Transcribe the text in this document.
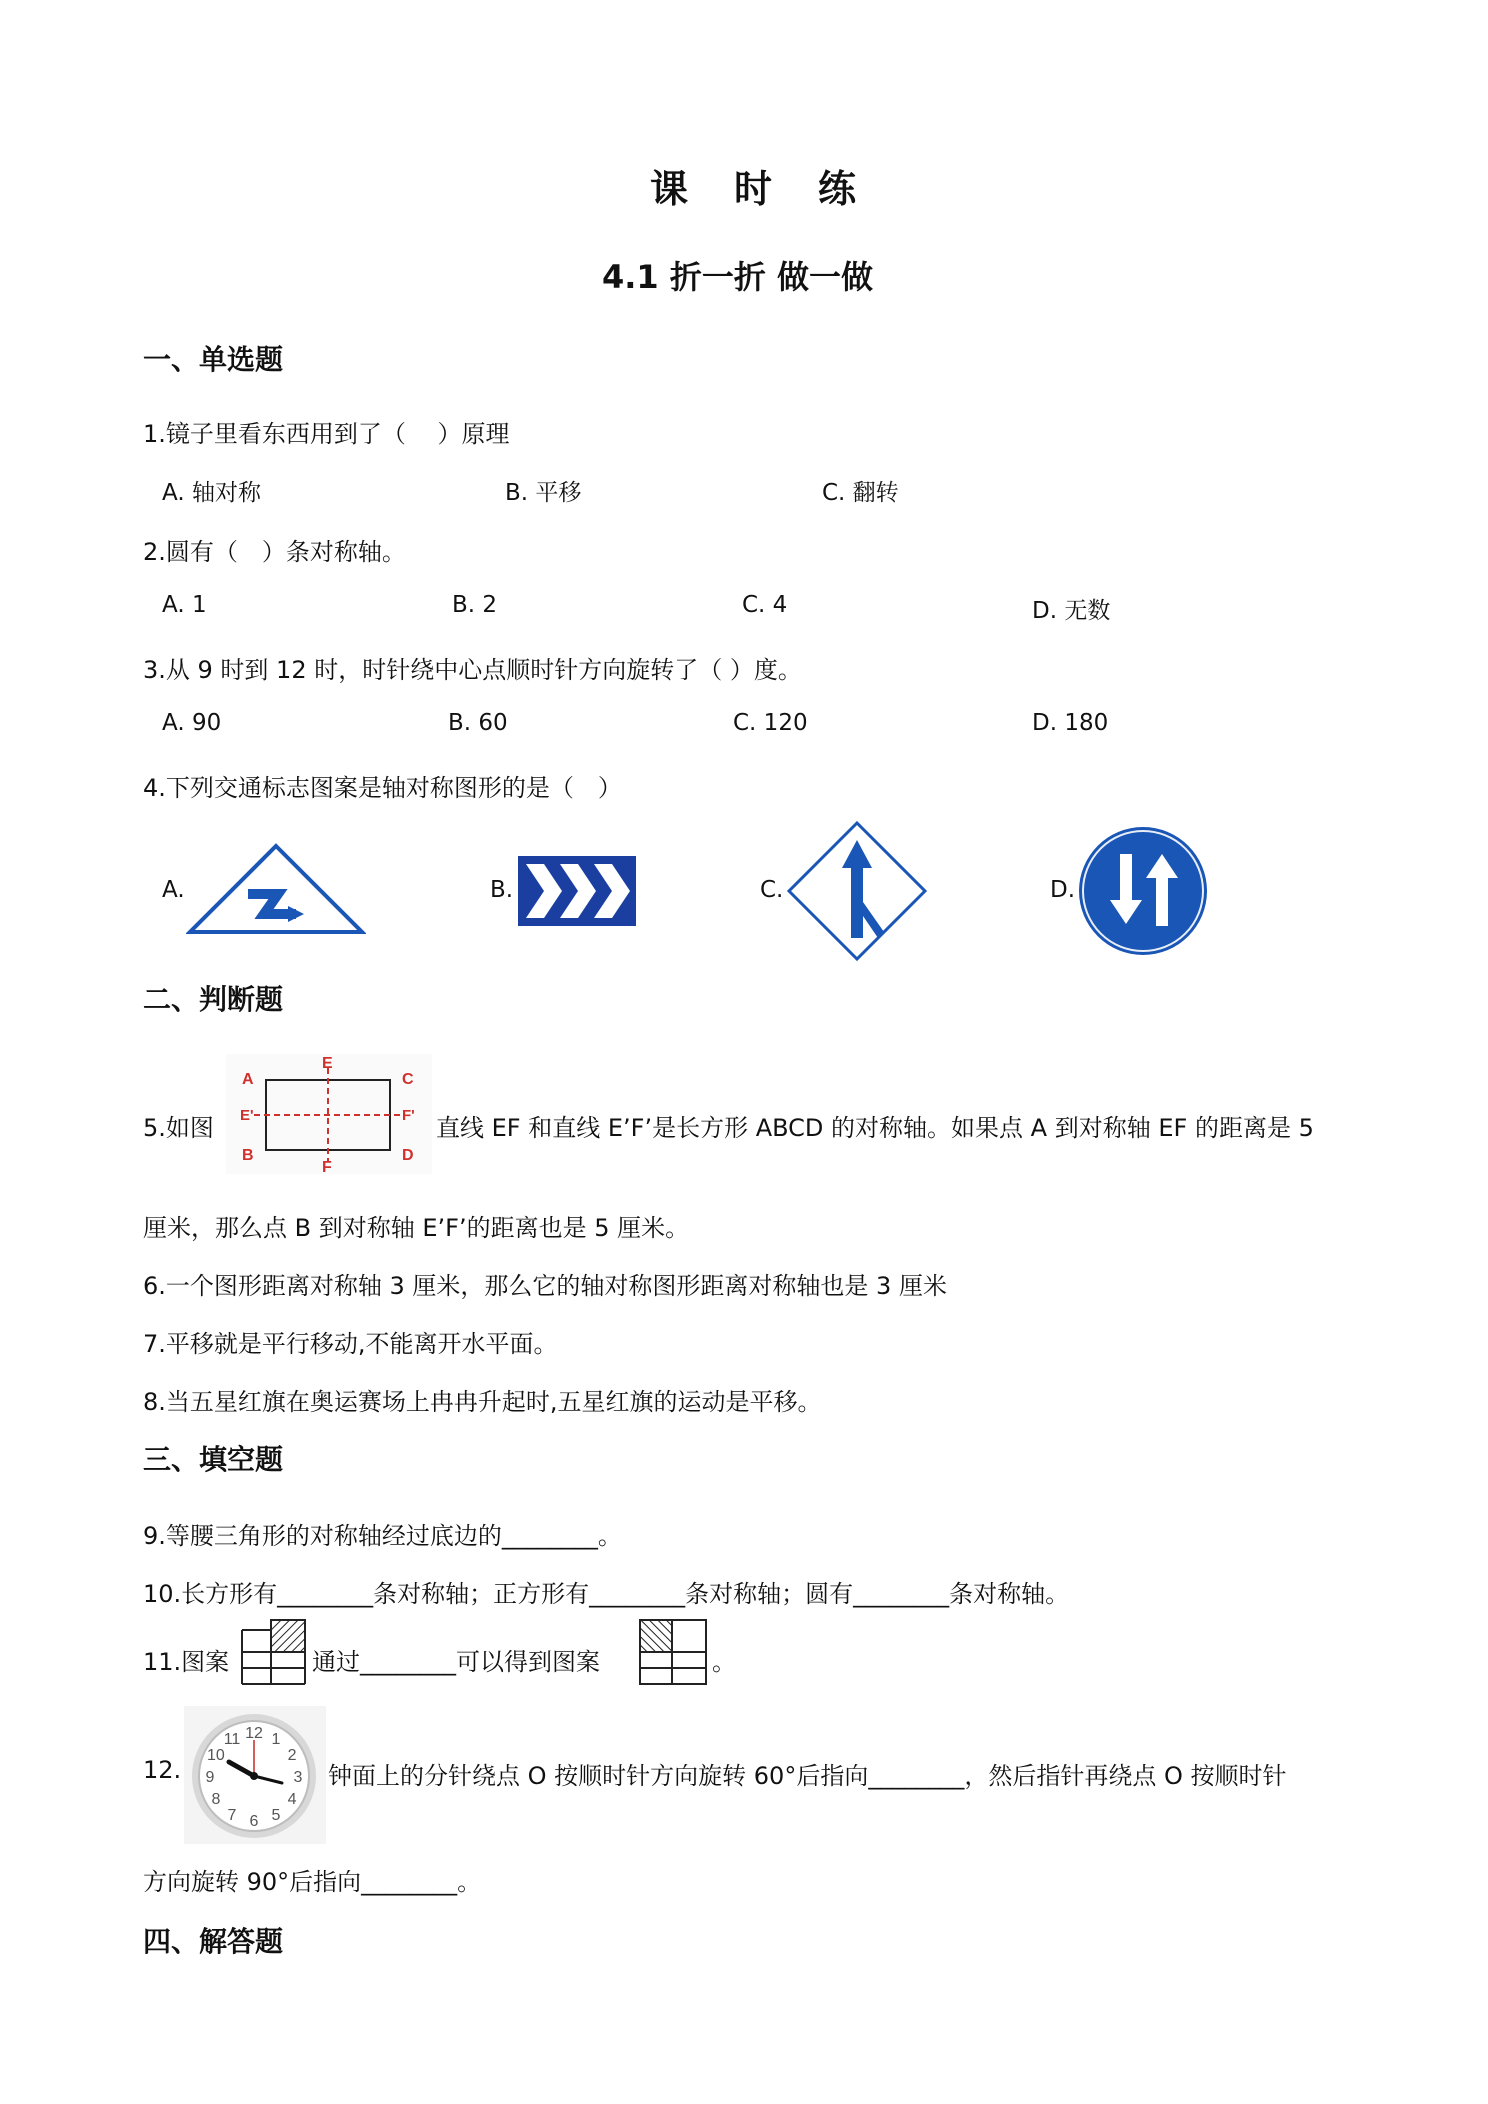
课　时　练
4.1 折一折 做一做
一、单选题
1.镜子里看东西用到了（　 ）原理
A. 轴对称	B. 平移	C. 翻转
2.圆有（　）条对称轴。
A. 1	B. 2	C. 4	D. 无数
3.从 9 时到 12 时，时针绕中心点顺时针方向旋转了（ ）度。
A. 90	B. 60	C. 120	D. 180
4.下列交通标志图案是轴对称图形的是（　）
A.	B.	C.	D.
二、判断题
5.如图
A
E'
B
E
F
C
F'
D
直线 EF 和直线 E’F’是长方形 ABCD 的对称轴。如果点 A 到对称轴 EF 的距离是 5
厘米，那么点 B 到对称轴 E’F’的距离也是 5 厘米。
6.一个图形距离对称轴 3 厘米，那么它的轴对称图形距离对称轴也是 3 厘米
7.平移就是平行移动,不能离开水平面。
8.当五星红旗在奥运赛场上冉冉升起时,五星红旗的运动是平移。
三、填空题
9.等腰三角形的对称轴经过底边的________。
10.长方形有________条对称轴；正方形有________条对称轴；圆有________条对称轴。
11.图案	通过________可以得到图案	。
12.
12 1
2
3
4
5
6
7
8
9
10
11
钟面上的分针绕点 O 按顺时针方向旋转 60°后指向________，然后指针再绕点 O 按顺时针
方向旋转 90°后指向________。
四、解答题
